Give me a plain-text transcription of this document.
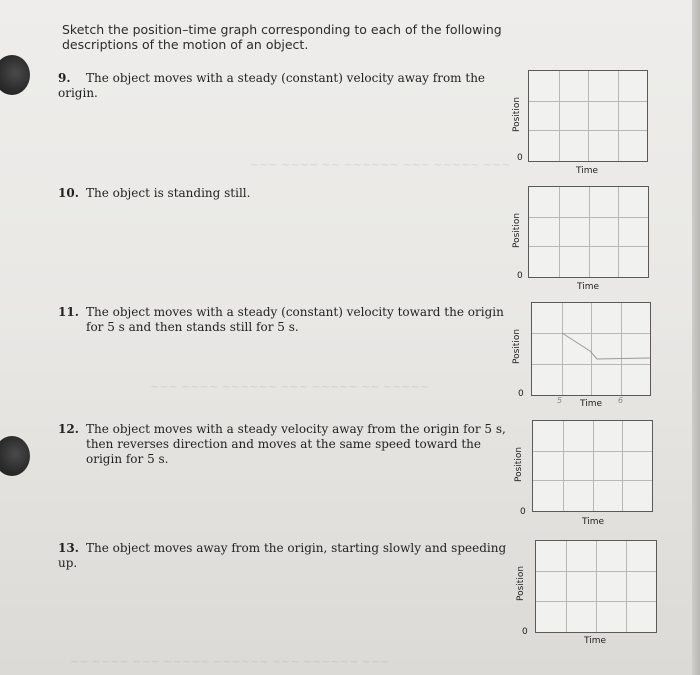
~~~ ~~~~ ~~ ~~~~~~ ~~~ ~~~~~ ~~~
~~~ ~~~~ ~~~~~~ ~~~ ~~~~~ ~~ ~~~~~
~~ ~~~~ ~~~ ~~~~~ ~~~~~~ ~~~ ~~~~~~ ~~~
Sketch the position–time graph corresponding to each of the following descriptions of the motion of an object.
9. The object moves with a steady (constant) velocity away from the origin.
10. The object is standing still.
11. The object moves with a steady (constant) velocity toward the origin for 5 s and then stands still for 5 s.
12. The object moves with a steady velocity away from the origin for 5 s, then reverses direction and moves at the same speed toward the origin for 5 s.
13. The object moves away from the origin, starting slowly and speeding up.
Position
0
Time
Position
0
Time
Position
0
5 Time 6
Position
0
Time
Position
0
Time
